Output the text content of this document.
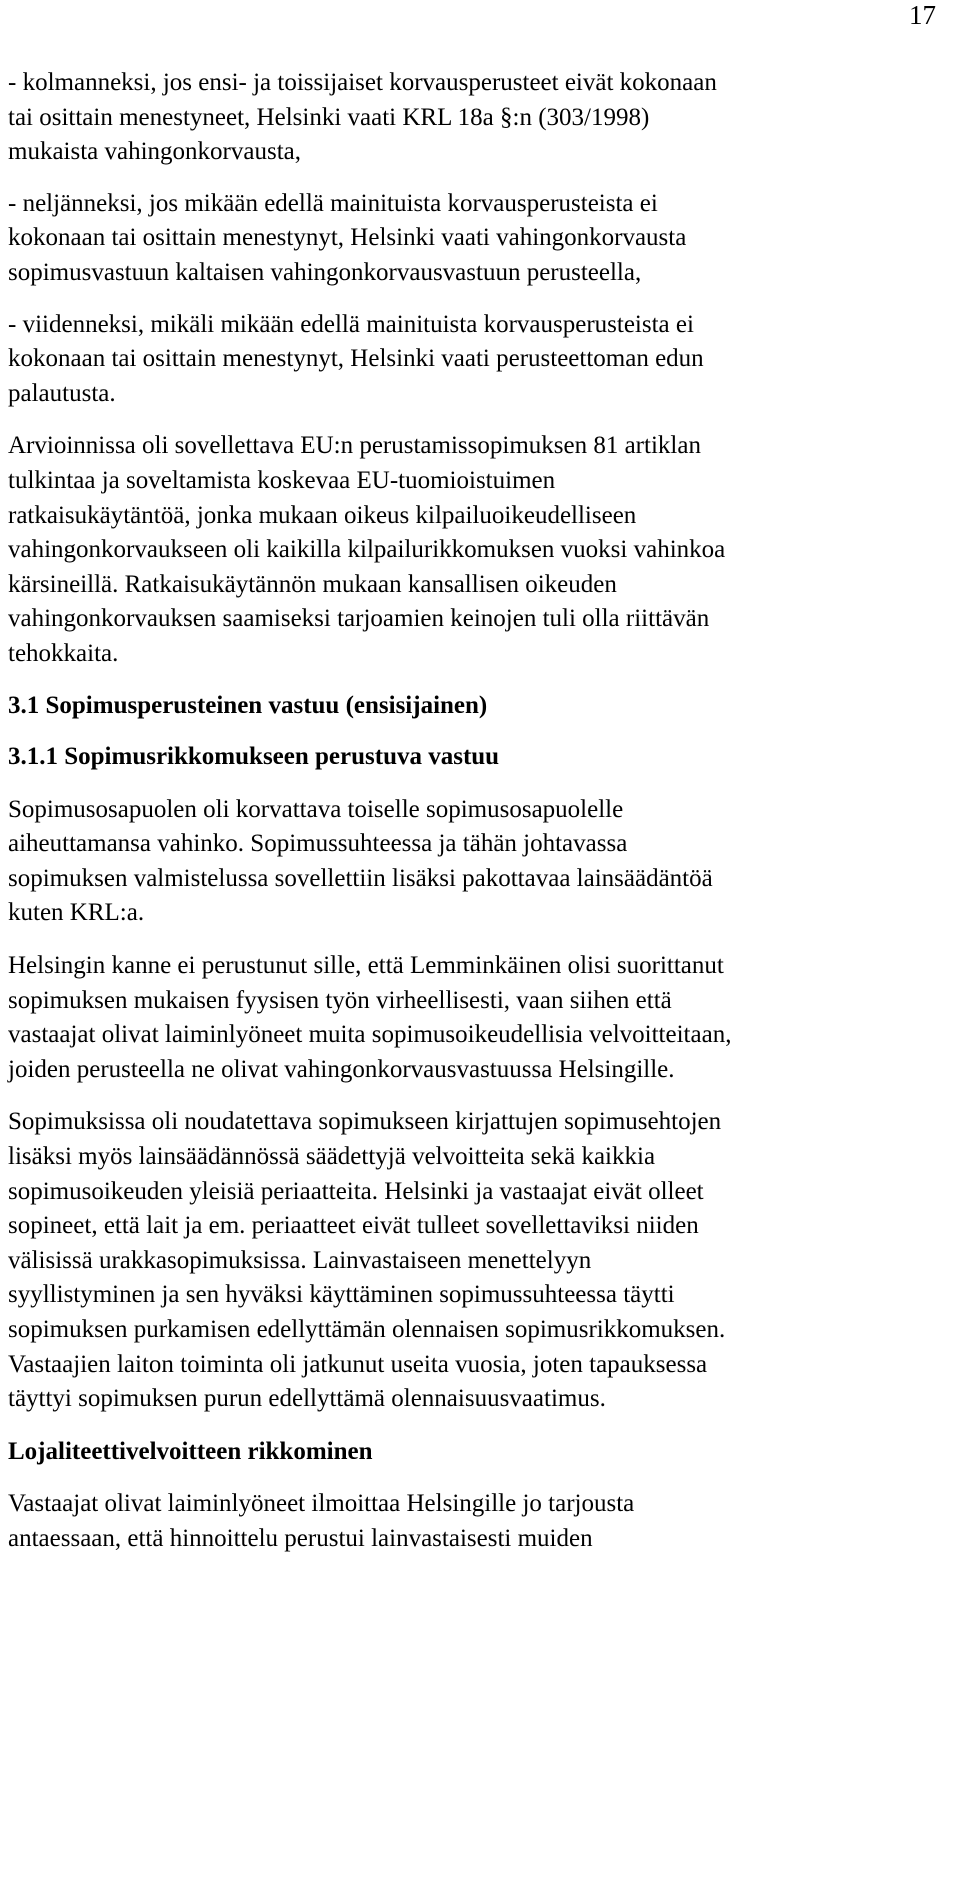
17

- kolmanneksi, jos ensi- ja toissijaiset korvausperusteet eivät kokonaan
tai osittain menestyneet, Helsinki vaati KRL 18a §:n (303/1998)
mukaista vahingonkorvausta,

- neljänneksi, jos mikään edellä mainituista korvausperusteista ei
kokonaan tai osittain menestynyt, Helsinki vaati vahingonkorvausta
sopimusvastuun kaltaisen vahingonkorvausvastuun perusteella,

- viidenneksi, mikäli mikään edellä mainituista korvausperusteista ei
kokonaan tai osittain menestynyt, Helsinki vaati perusteettoman edun
palautusta.

Arvioinnissa oli sovellettava EU:n perustamissopimuksen 81 artiklan
tulkintaa ja soveltamista koskevaa EU-tuomioistuimen
ratkaisukäytäntöä, jonka mukaan oikeus kilpailuoikeudelliseen
vahingonkorvaukseen oli kaikilla kilpailurikkomuksen vuoksi vahinkoa
kärsineillä. Ratkaisukäytännön mukaan kansallisen oikeuden
vahingonkorvauksen saamiseksi tarjoamien keinojen tuli olla riittävän
tehokkaita.

3.1 Sopimusperusteinen vastuu (ensisijainen)

3.1.1 Sopimusrikkomukseen perustuva vastuu

Sopimusosapuolen oli korvattava toiselle sopimusosapuolelle
aiheuttamansa vahinko. Sopimussuhteessa ja tähän johtavassa
sopimuksen valmistelussa sovellettiin lisäksi pakottavaa lainsäädäntöä
kuten KRL:a.

Helsingin kanne ei perustunut sille, että Lemminkäinen olisi suorittanut
sopimuksen mukaisen fyysisen työn virheellisesti, vaan siihen että
vastaajat olivat laiminlyöneet muita sopimusoikeudellisia velvoitteitaan,
joiden perusteella ne olivat vahingonkorvausvastuussa Helsingille.

Sopimuksissa oli noudatettava sopimukseen kirjattujen sopimusehtojen
lisäksi myös lainsäädännössä säädettyjä velvoitteita sekä kaikkia
sopimusoikeuden yleisiä periaatteita. Helsinki ja vastaajat eivät olleet
sopineet, että lait ja em. periaatteet eivät tulleet sovellettaviksi niiden
välisissä urakkasopimuksissa. Lainvastaiseen menettelyyn
syyllistyminen ja sen hyväksi käyttäminen sopimussuhteessa täytti
sopimuksen purkamisen edellyttämän olennaisen sopimusrikkomuksen.
Vastaajien laiton toiminta oli jatkunut useita vuosia, joten tapauksessa
täyttyi sopimuksen purun edellyttämä olennaisuusvaatimus.

Lojaliteettivelvoitteen rikkominen

Vastaajat olivat laiminlyöneet ilmoittaa Helsingille jo tarjousta
antaessaan, että hinnoittelu perustui lainvastaisesti muiden
